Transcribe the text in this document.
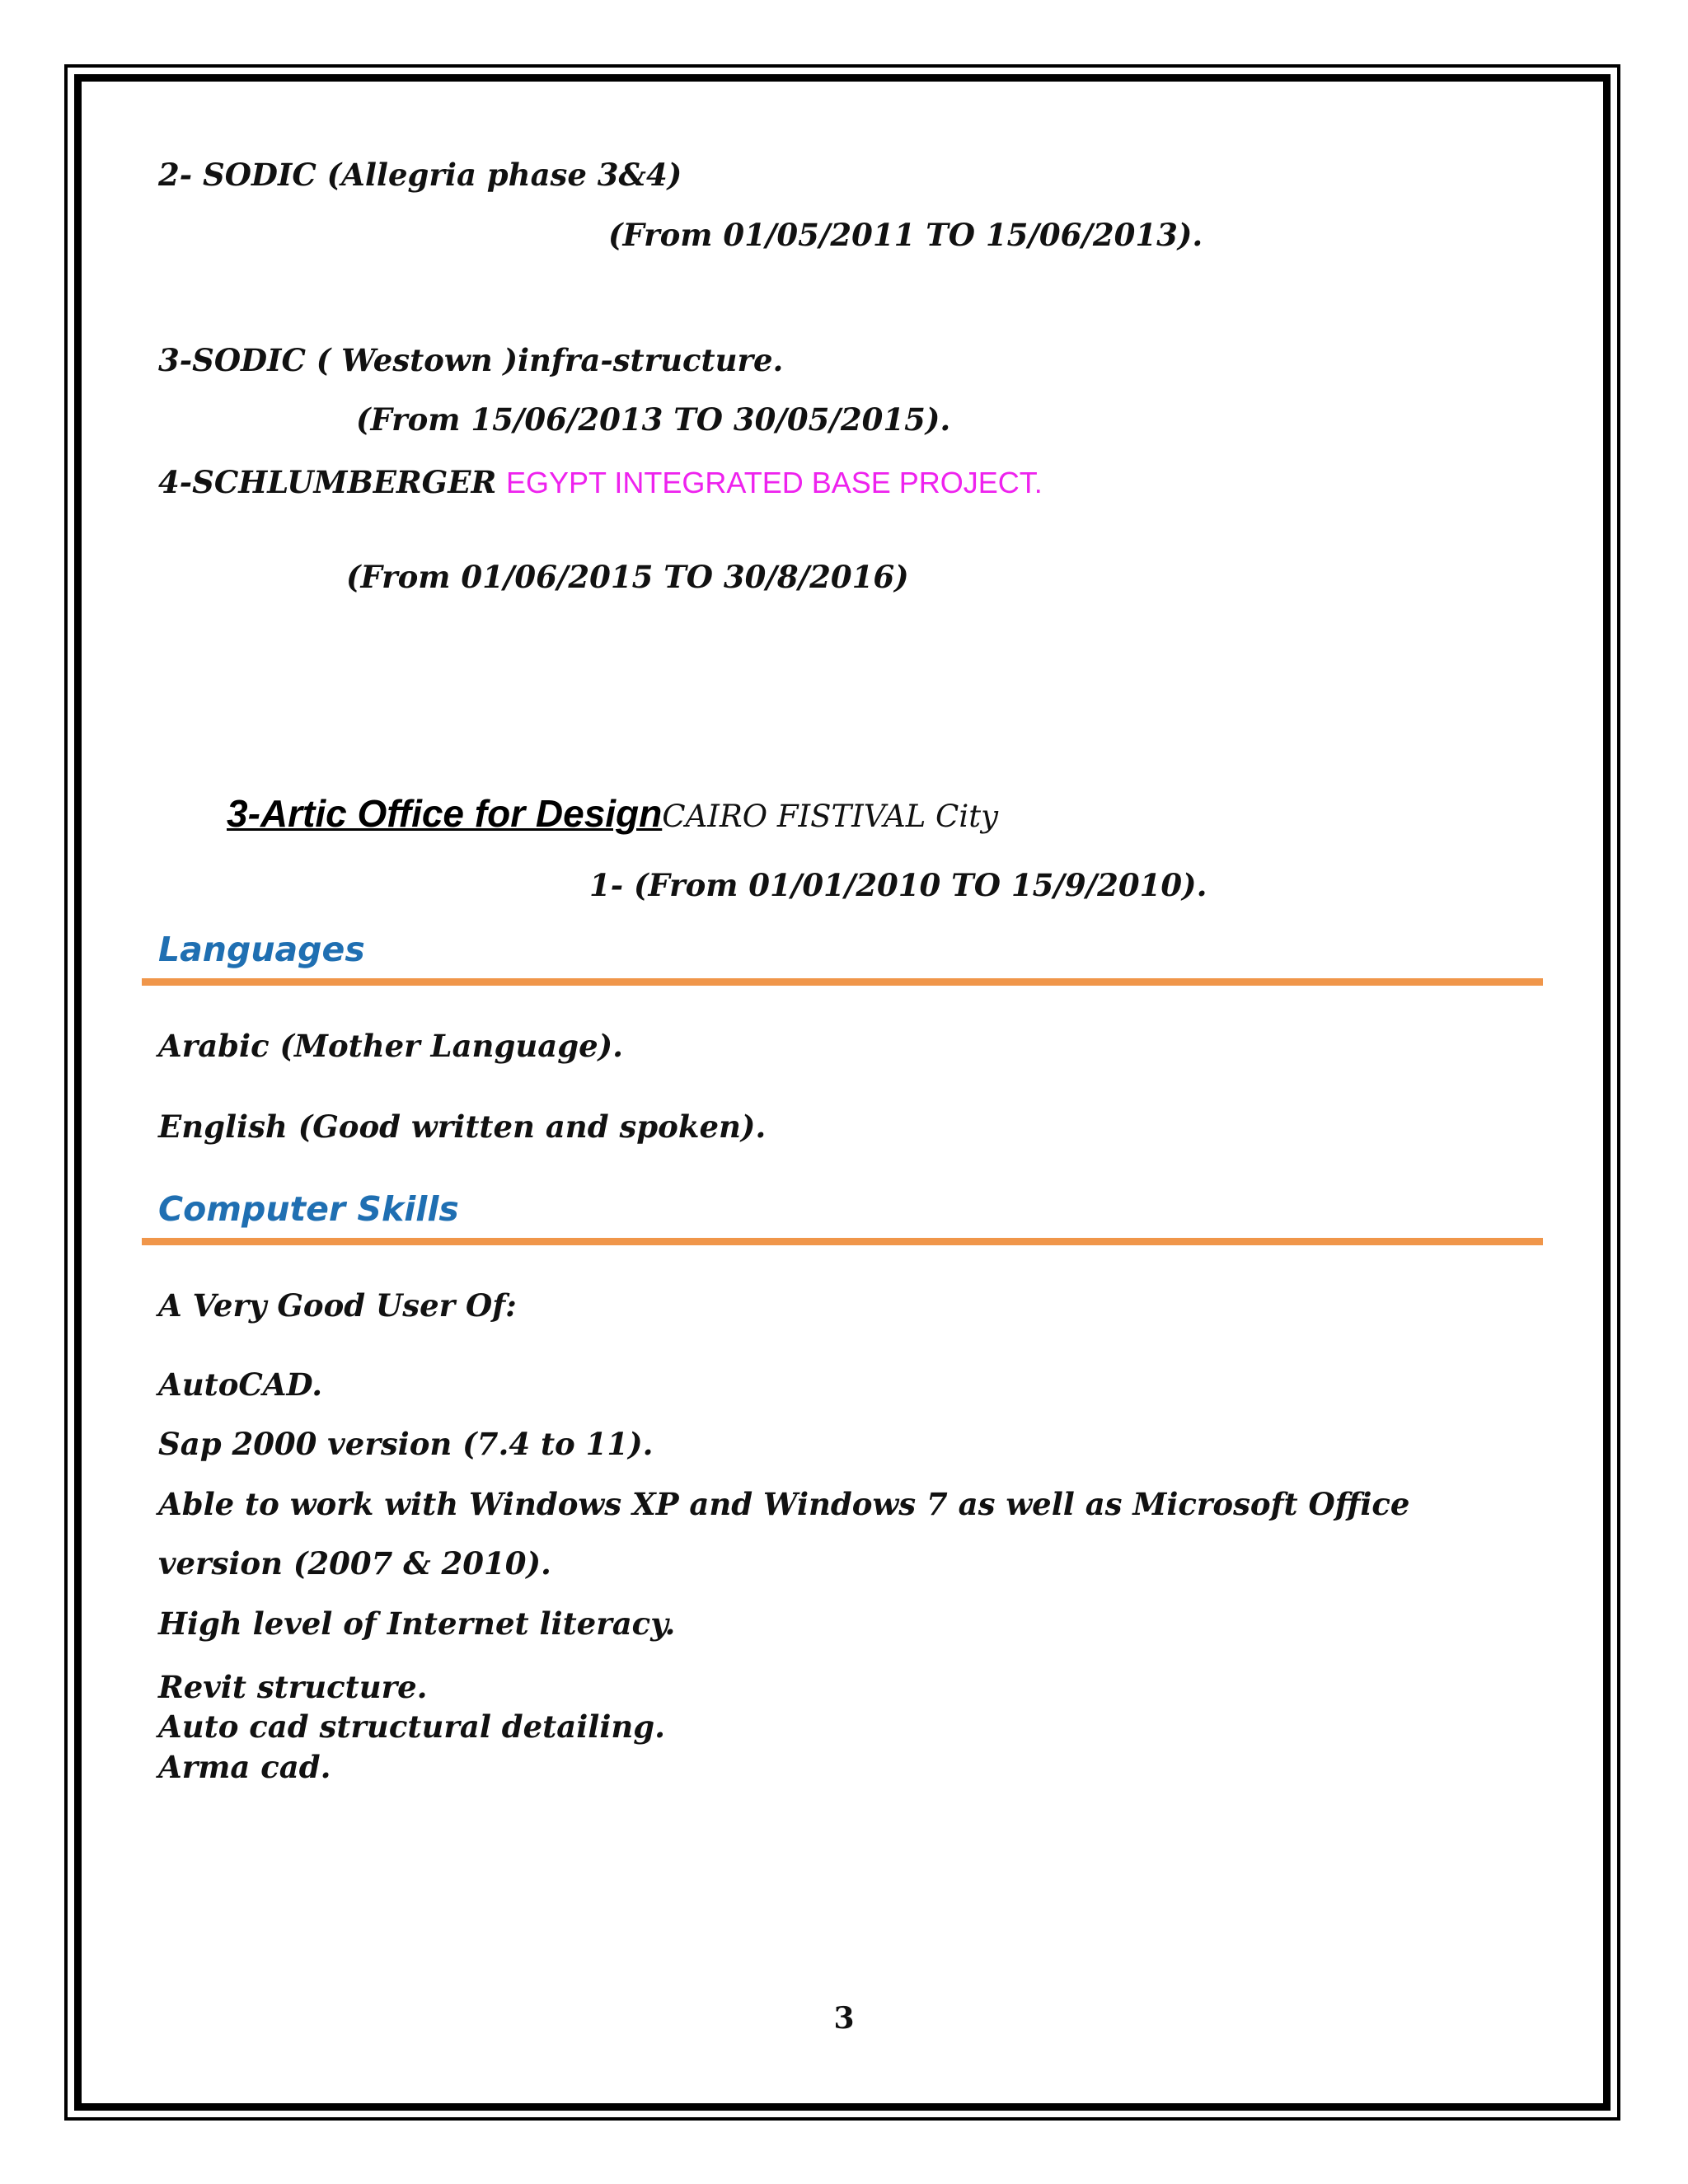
2- SODIC (Allegria phase 3&4)
(From 01/05/2011 TO 15/06/2013).
3-SODIC ( Westown )infra-structure.
(From 15/06/2013 TO 30/05/2015).
4-SCHLUMBERGER EGYPT INTEGRATED BASE PROJECT.
(From 01/06/2015 TO 30/8/2016)
3-Artic Office for DesignCAIRO FISTIVAL City
1- (From 01/01/2010 TO 15/9/2010).
Languages
Arabic (Mother Language).
English (Good written and spoken).
Computer Skills
A Very Good User Of:
AutoCAD.
Sap 2000 version (7.4 to 11).
Able to work with Windows XP and Windows 7 as well as Microsoft Office
version (2007 & 2010).
High level of Internet literacy.
Revit structure.
Auto cad structural detailing.
Arma cad.
3
